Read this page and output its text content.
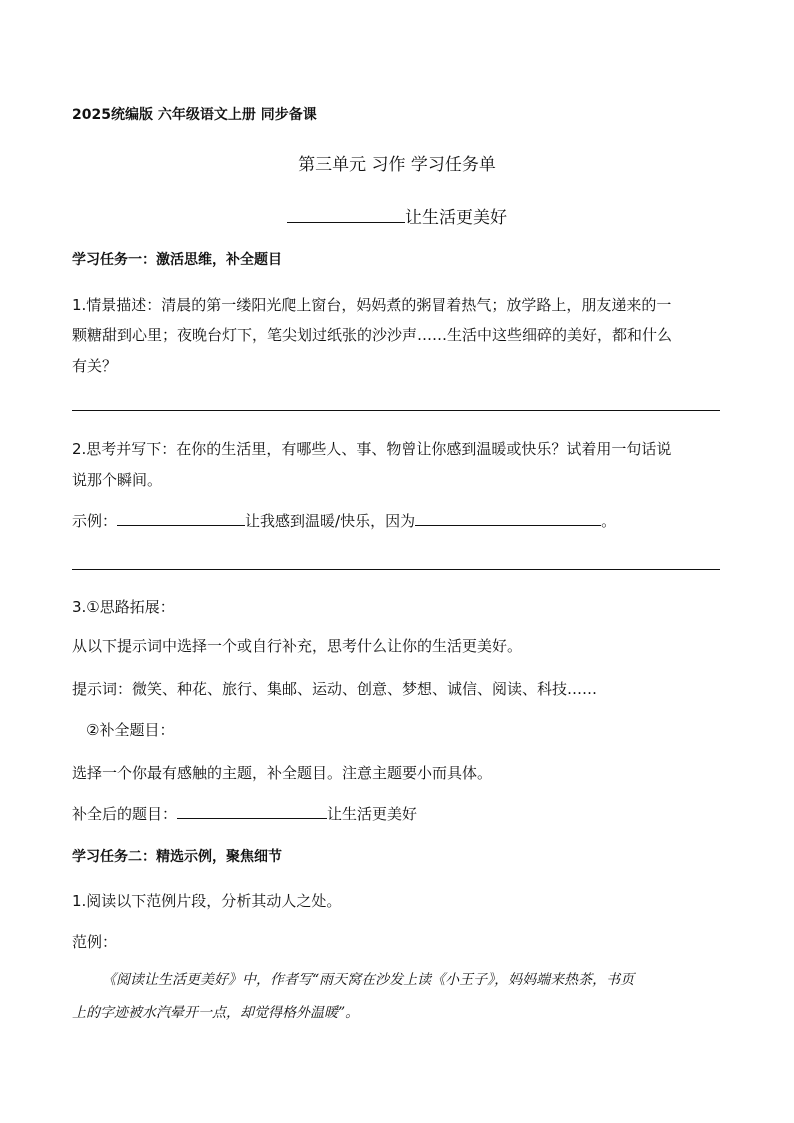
2025统编版 六年级语文上册 同步备课
第三单元 习作 学习任务单
让生活更美好
学习任务一：激活思维，补全题目
1.情景描述：清晨的第一缕阳光爬上窗台，妈妈煮的粥冒着热气；放学路上，朋友递来的一
颗糖甜到心里；夜晚台灯下，笔尖划过纸张的沙沙声……生活中这些细碎的美好，都和什么
有关？
2.思考并写下：在你的生活里，有哪些人、事、物曾让你感到温暖或快乐？试着用一句话说
说那个瞬间。
示例：	让我感到温暖/快乐，因为	。
3.①思路拓展：
从以下提示词中选择一个或自行补充，思考什么让你的生活更美好。
提示词：微笑、种花、旅行、集邮、运动、创意、梦想、诚信、阅读、科技……
②补全题目：
选择一个你最有感触的主题，补全题目。注意主题要小而具体。
补全后的题目：	让生活更美好
学习任务二：精选示例，聚焦细节
1.阅读以下范例片段，分析其动人之处。
范例：
《阅读让生活更美好》中，作者写“雨天窝在沙发上读《小王子》，妈妈端来热茶，书页
上的字迹被水汽晕开一点，却觉得格外温暖”。
